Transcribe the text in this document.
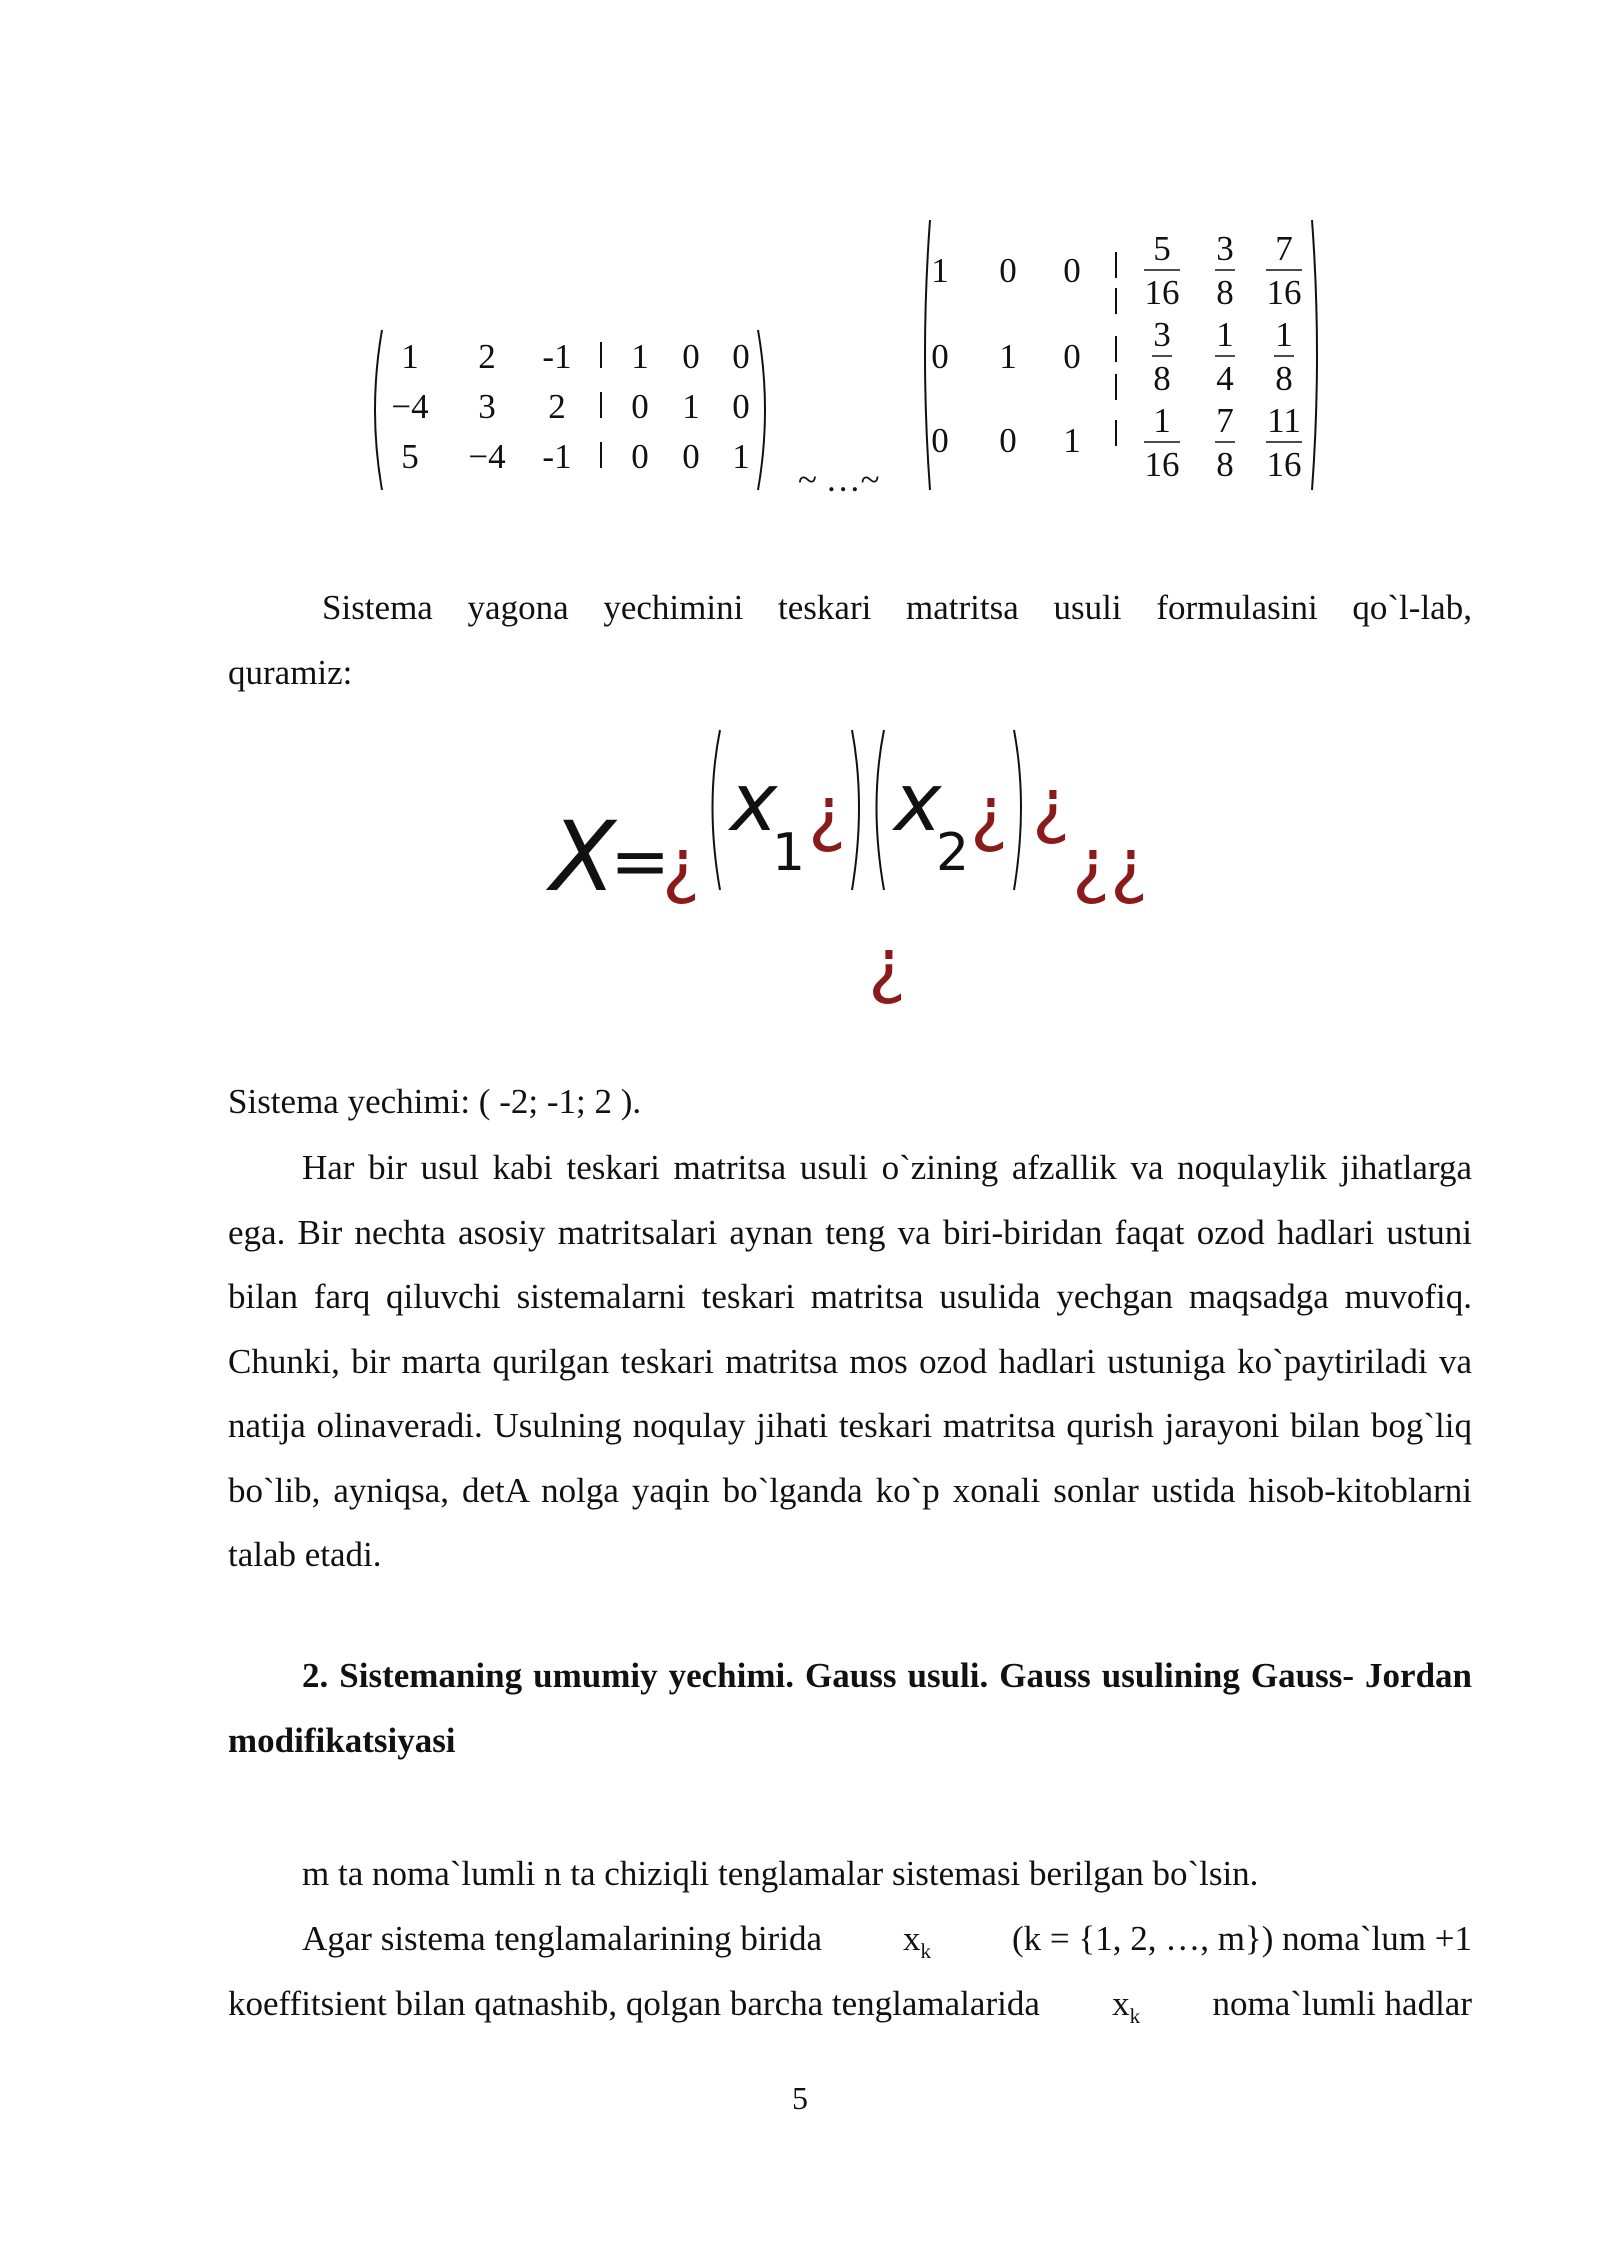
1 2 -1 1 0 0
−4 3 2 0 1 0
5 −4 -1 0 0 1
~ …~
1 0 0
0 1 0
0 0 1
5
16
3
8
7
16
3
8
1
4
1
8
1
16
7
8
11
16
Sistema yagona yechimini teskari matritsa usuli formulasini qo`l-lab,
quramiz:
X
=
¿
x
1 ¿ x
2 ¿ ¿
¿ ¿
¿
Sistema yechimi: ( -2; -1; 2 ).
Har bir usul kabi teskari matritsa usuli o`zining afzallik va noqulaylik jihatlarga ega. Bir nechta asosiy matritsalari aynan teng va biri-biridan faqat ozod hadlari ustuni bilan farq qiluvchi sistemalarni teskari matritsa usulida yechgan maqsadga muvofiq. Chunki, bir marta qurilgan teskari matritsa mos ozod hadlari ustuniga ko`paytiriladi va natija olinaveradi. Usulning noqulay jihati teskari matritsa qurish jarayoni bilan bog`liq bo`lib, ayniqsa, detA nolga yaqin bo`lganda ko`p xonali sonlar ustida hisob-kitoblarni talab etadi.
2. Sistemaning umumiy yechimi. Gauss usuli. Gauss usulining Gauss- Jordan modifikatsiyasi
m ta noma`lumli n ta chiziqli tenglamalar sistemasi berilgan bo`lsin.
Agar sistema tenglamalarining birida $x_k$ (k = {1, 2, …, m}) noma`lum +1
koeffitsient bilan qatnashib, qolgan barcha tenglamalarida $x_k$ noma`lumli hadlar
5
